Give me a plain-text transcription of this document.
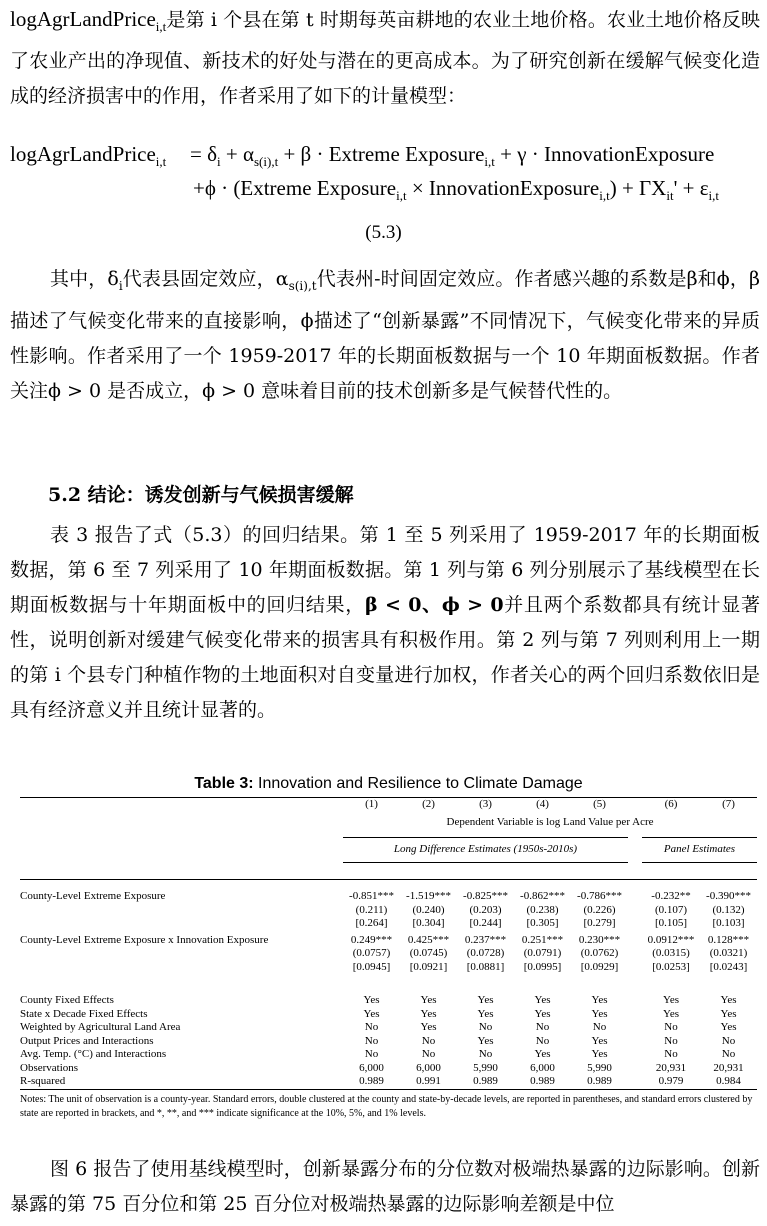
logAgrLandPrice$_{i,t}$是第 i 个县在第 t 时期每英亩耕地的农业土地价格。农业土地价格反映了农业产出的净现值、新技术的好处与潜在的更高成本。为了研究创新在缓解气候变化造成的经济损害中的作用，作者采用了如下的计量模型：

logAgrLandPrice$_{i,t}$ = $\delta_i + \alpha_{s(i),t} + \beta$ · Extreme Exposure$_{i,t}$ + γ · InnovationExposure
+ϕ · (Extreme Exposure$_{i,t}$ × InnovationExposure$_{i,t}$) + $\Gamma X_{it}' + \varepsilon_{i,t}$
(5.3)

其中，$\delta_i$代表县固定效应，$\alpha_{s(i),t}$代表州-时间固定效应。作者感兴趣的系数是β和ϕ，β描述了气候变化带来的直接影响，ϕ描述了“创新暴露”不同情况下，气候变化带来的异质性影响。作者采用了一个 1959-2017 年的长期面板数据与一个 10 年期面板数据。作者关注ϕ > 0 是否成立，ϕ > 0 意味着目前的技术创新多是气候替代性的。

5.2 结论：诱发创新与气候损害缓解

表 3 报告了式（5.3）的回归结果。第 1 至 5 列采用了 1959-2017 年的长期面板数据，第 6 至 7 列采用了 10 年期面板数据。第 1 列与第 6 列分别展示了基线模型在长期面板数据与十年期面板中的回归结果，β < 0、ϕ > 0并且两个系数都具有统计显著性，说明创新对缓建气候变化带来的损害具有积极作用。第 2 列与第 7 列则利用上一期的第 i 个县专门种植作物的土地面积对自变量进行加权，作者关心的两个回归系数依旧是具有经济意义并且统计显著的。

Table 3: Innovation and Resilience to Climate Damage
	(1)	(2)	(3)	(4)	(5)		(6)	(7)
	Dependent Variable is log Land Value per Acre							

	Long Difference Estimates (1950s-2010s)						Panel Estimates	

County-Level Extreme Exposure	-0.851***	-1.519***	-0.825***	-0.862***	-0.786***		-0.232**	-0.390***
	(0.211)	(0.240)	(0.203)	(0.238)	(0.226)		(0.107)	(0.132)
	[0.264]	[0.304]	[0.244]	[0.305]	[0.279]		[0.105]	[0.103]

County-Level Extreme Exposure x Innovation Exposure	0.249***	0.425***	0.237***	0.251***	0.230***		0.0912***	0.128***
	(0.0757)	(0.0745)	(0.0728)	(0.0791)	(0.0762)		(0.0315)	(0.0321)
	[0.0945]	[0.0921]	[0.0881]	[0.0995]	[0.0929]		[0.0253]	[0.0243]

County Fixed Effects	Yes	Yes	Yes	Yes	Yes		Yes	Yes
State x Decade Fixed Effects	Yes	Yes	Yes	Yes	Yes		Yes	Yes
Weighted by Agricultural Land Area	No	Yes	No	No	No		No	Yes
Output Prices and Interactions	No	No	Yes	No	Yes		No	No
Avg. Temp. (°C) and Interactions	No	No	No	Yes	Yes		No	No
Observations	6,000	6,000	5,990	6,000	5,990		20,931	20,931
R-squared	0.989	0.991	0.989	0.989	0.989		0.979	0.984
Notes: The unit of observation is a county-year. Standard errors, double clustered at the county and state-by-decade levels, are reported in parentheses, and standard errors clustered by state are reported in brackets, and *, **, and *** indicate significance at the 10%, 5%, and 1% levels.

图 6 报告了使用基线模型时，创新暴露分布的分位数对极端热暴露的边际影响。创新暴露的第 75 百分位和第 25 百分位对极端热暴露的边际影响差额是中位
